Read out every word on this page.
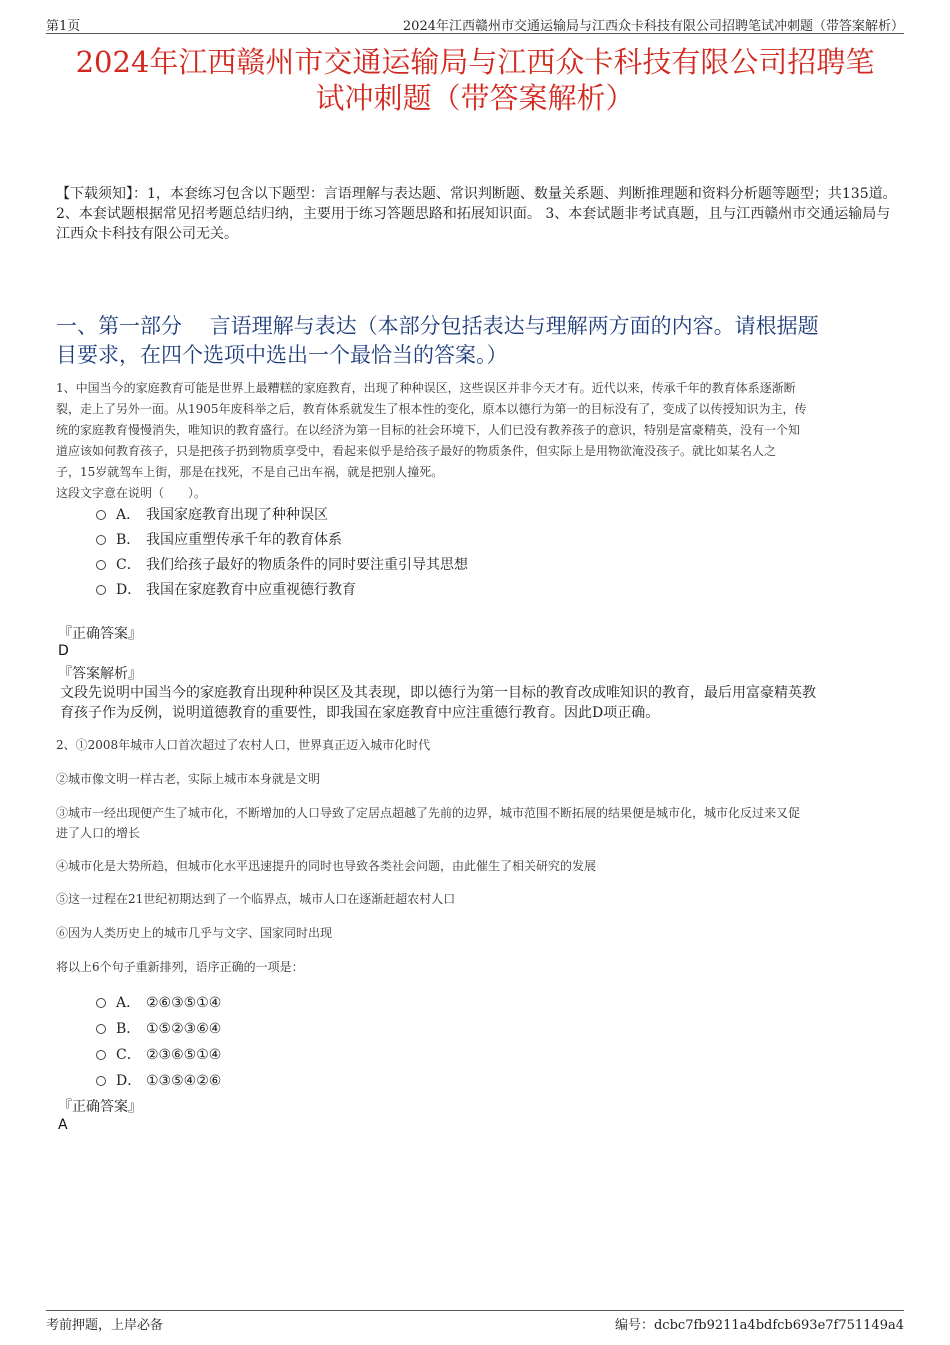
第1页	2024年江西赣州市交通运输局与江西众卡科技有限公司招聘笔试冲刺题（带答案解析）
2024年江西赣州市交通运输局与江西众卡科技有限公司招聘笔
试冲刺题（带答案解析）
【下载须知】：1，本套练习包含以下题型：言语理解与表达题、常识判断题、数量关系题、判断推理题和资料分析题等题型；共135道。 2、本套试题根据常见招考题总结归纳，主要用于练习答题思路和拓展知识面。 3、本套试题非考试真题，且与江西赣州市交通运输局与江西众卡科技有限公司无关。
一、第一部分　 言语理解与表达（本部分包括表达与理解两方面的内容。请根据题
目要求，在四个选项中选出一个最恰当的答案。）
1、中国当今的家庭教育可能是世界上最糟糕的家庭教育，出现了种种误区，这些误区并非今天才有。近代以来，传承千年的教育体系逐渐断
裂，走上了另外一面。从1905年废科举之后，教育体系就发生了根本性的变化，原本以德行为第一的目标没有了，变成了以传授知识为主，传
统的家庭教育慢慢消失，唯知识的教育盛行。在以经济为第一目标的社会环境下，人们已没有教养孩子的意识，特别是富豪精英，没有一个知
道应该如何教育孩子，只是把孩子扔到物质享受中，看起来似乎是给孩子最好的物质条件，但实际上是用物欲淹没孩子。就比如某名人之
子，15岁就驾车上街，那是在找死，不是自己出车祸，就是把别人撞死。
这段文字意在说明（　　）。
A． 我国家庭教育出现了种种误区
B． 我国应重塑传承千年的教育体系
C． 我们给孩子最好的物质条件的同时要注重引导其思想
D． 我国在家庭教育中应重视德行教育
『正确答案』
D
『答案解析』
文段先说明中国当今的家庭教育出现种种误区及其表现，即以德行为第一目标的教育改成唯知识的教育，最后用富豪精英教
育孩子作为反例，说明道德教育的重要性，即我国在家庭教育中应注重德行教育。因此D项正确。
2、①2008年城市人口首次超过了农村人口，世界真正迈入城市化时代
②城市像文明一样古老，实际上城市本身就是文明
③城市一经出现便产生了城市化，不断增加的人口导致了定居点超越了先前的边界，城市范围不断拓展的结果便是城市化，城市化反过来又促
进了人口的增长
④城市化是大势所趋，但城市化水平迅速提升的同时也导致各类社会问题，由此催生了相关研究的发展
⑤这一过程在21世纪初期达到了一个临界点，城市人口在逐渐赶超农村人口
⑥因为人类历史上的城市几乎与文字、国家同时出现
将以上6个句子重新排列，语序正确的一项是：
A． ②⑥③⑤①④
B． ①⑤②③⑥④
C． ②③⑥⑤①④
D． ①③⑤④②⑥
『正确答案』
A
考前押题，上岸必备	编号：dcbc7fb9211a4bdfcb693e7f751149a4
